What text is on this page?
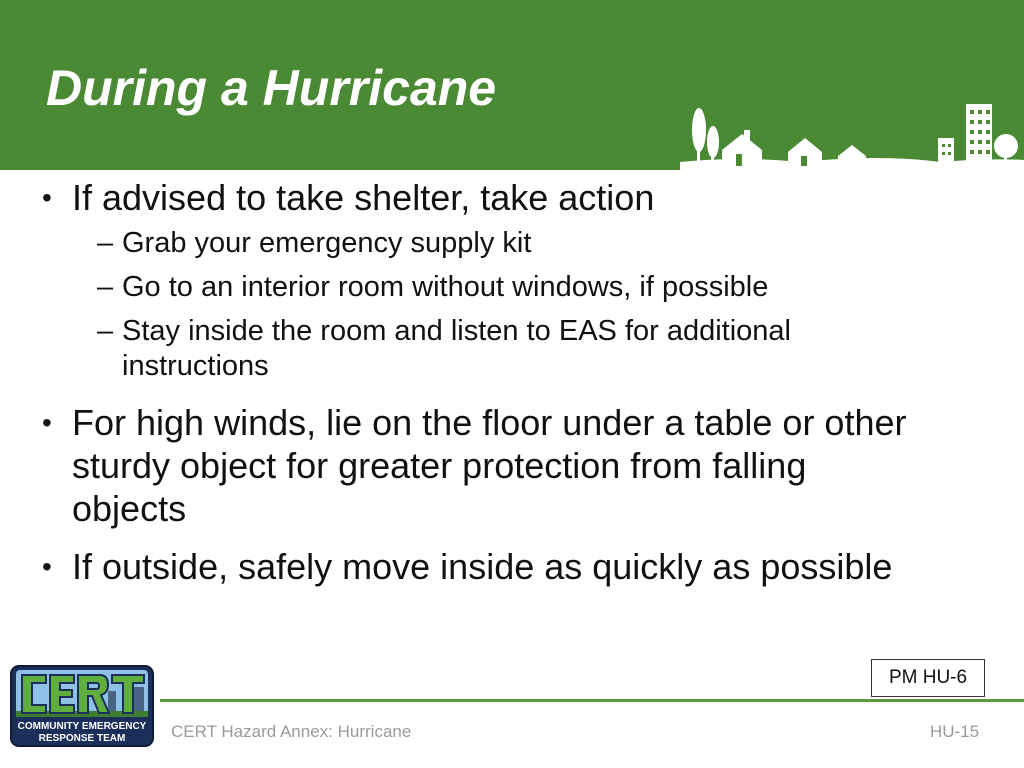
During a Hurricane

• If advised to take shelter, take action

– Grab your emergency supply kit

– Go to an interior room without windows, if possible

– Stay inside the room and listen to EAS for additional instructions

• For high winds, lie on the floor under a table or other sturdy object for greater protection from falling objects

• If outside, safely move inside as quickly as possible

PM HU-6
COMMUNITY EMERGENCY
RESPONSE TEAM	CERT Hazard Annex: Hurricane	HU-15
